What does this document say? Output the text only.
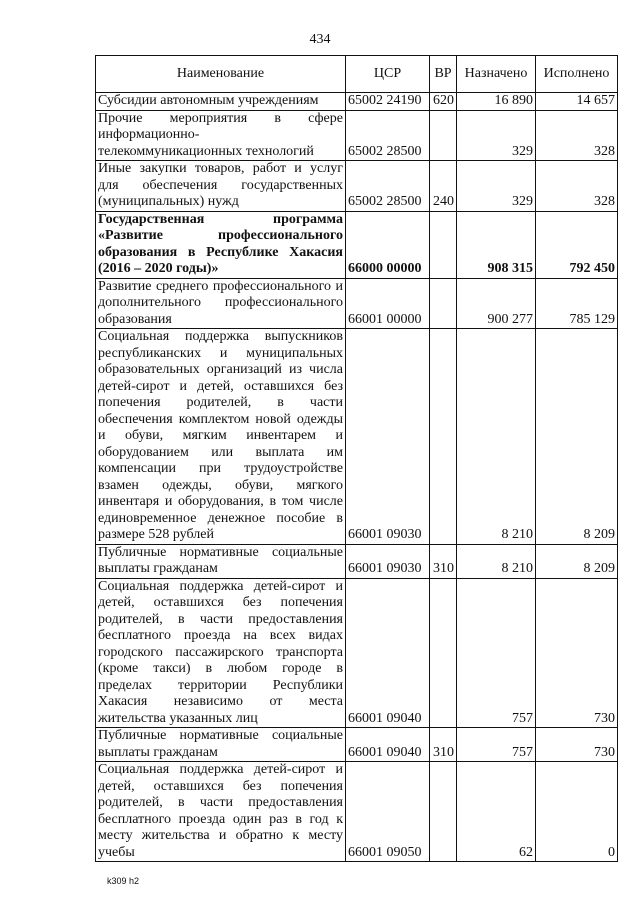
434
Наименование	ЦСР	ВР	Назначено	Исполнено
Субсидии автономным учреждениям	65002 24190	620	16 890	14 657
Прочие мероприятия в сфере информационно-телекоммуникационных технологий	65002 28500		329	328
Иные закупки товаров, работ и услуг для обеспечения государственных (муниципальных) нужд	65002 28500	240	329	328
Государственная программа «Развитие профессионального образования в Республике Хакасия (2016 – 2020 годы)»	66000 00000		908 315	792 450
Развитие среднего профессионального и дополнительного профессионального образования	66001 00000		900 277	785 129
Социальная поддержка выпускников республиканских и муниципальных образовательных организаций из числа детей-сирот и детей, оставшихся без попечения родителей, в части обеспечения комплектом новой одежды и обуви, мягким инвентарем и оборудованием или выплата им компенсации при трудоустройстве взамен одежды, обуви, мягкого инвентаря и оборудования, в том числе единовременное денежное пособие в размере 528 рублей	66001 09030		8 210	8 209
Публичные нормативные социальные выплаты гражданам	66001 09030	310	8 210	8 209
Социальная поддержка детей-сирот и детей, оставшихся без попечения родителей, в части предоставления бесплатного проезда на всех видах городского пассажирского транспорта (кроме такси) в любом городе в пределах территории Республики Хакасия независимо от места жительства указанных лиц	66001 09040		757	730
Публичные нормативные социальные выплаты гражданам	66001 09040	310	757	730
Социальная поддержка детей-сирот и детей, оставшихся без попечения родителей, в части предоставления бесплатного проезда один раз в год к месту жительства и обратно к месту учебы	66001 09050		62	0
k309 h2
